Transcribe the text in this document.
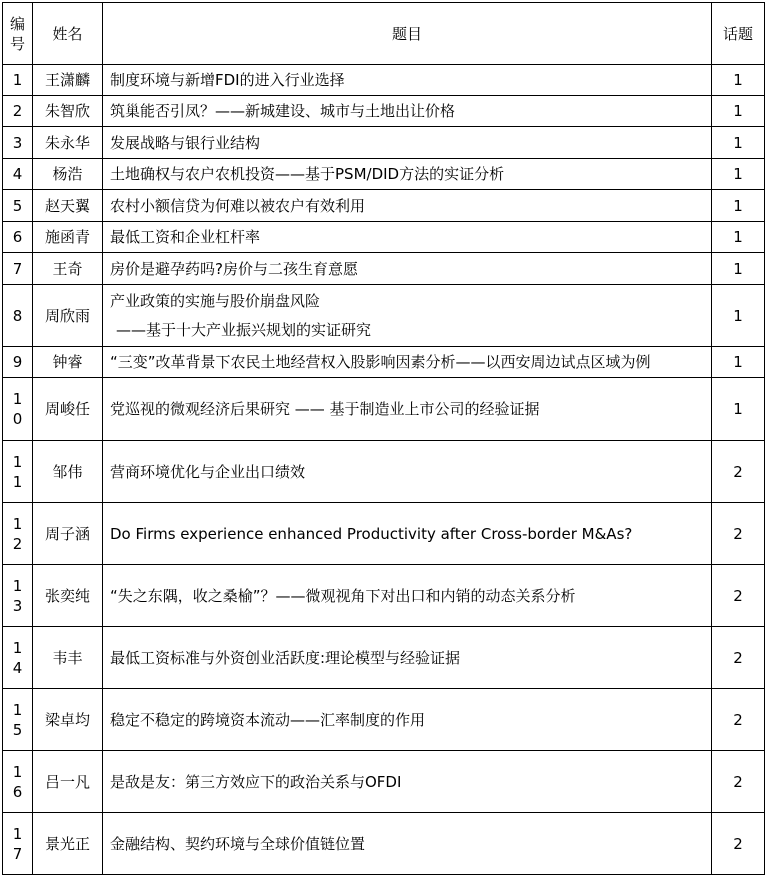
编号	姓名	题目	话题
1	王潇麟	制度环境与新增FDI的进入行业选择	1
2	朱智欣	筑巢能否引凤？——新城建设、城市与土地出让价格	1
3	朱永华	发展战略与银行业结构	1
4	杨浩	土地确权与农户农机投资——基于PSM/DID方法的实证分析	1
5	赵天翼	农村小额信贷为何难以被农户有效利用	1
6	施函青	最低工资和企业杠杆率	1
7	王奇	房价是避孕药吗?房价与二孩生育意愿	1
8	周欣雨	产业政策的实施与股价崩盘风险
——基于十大产业振兴规划的实证研究	1
9	钟睿	“三变”改革背景下农民土地经营权入股影响因素分析——以西安周边试点区域为例	1
10	周峻任	党巡视的微观经济后果研究 —— 基于制造业上市公司的经验证据	1
11	邹伟	营商环境优化与企业出口绩效	2
12	周子涵	Do Firms experience enhanced Productivity after Cross-border M&As?	2
13	张奕纯	“失之东隅，收之桑榆”？——微观视角下对出口和内销的动态关系分析	2
14	韦丰	最低工资标准与外资创业活跃度:理论模型与经验证据	2
15	梁卓均	稳定不稳定的跨境资本流动——汇率制度的作用	2
16	吕一凡	是敌是友：第三方效应下的政治关系与OFDI	2
17	景光正	金融结构、契约环境与全球价值链位置	2
